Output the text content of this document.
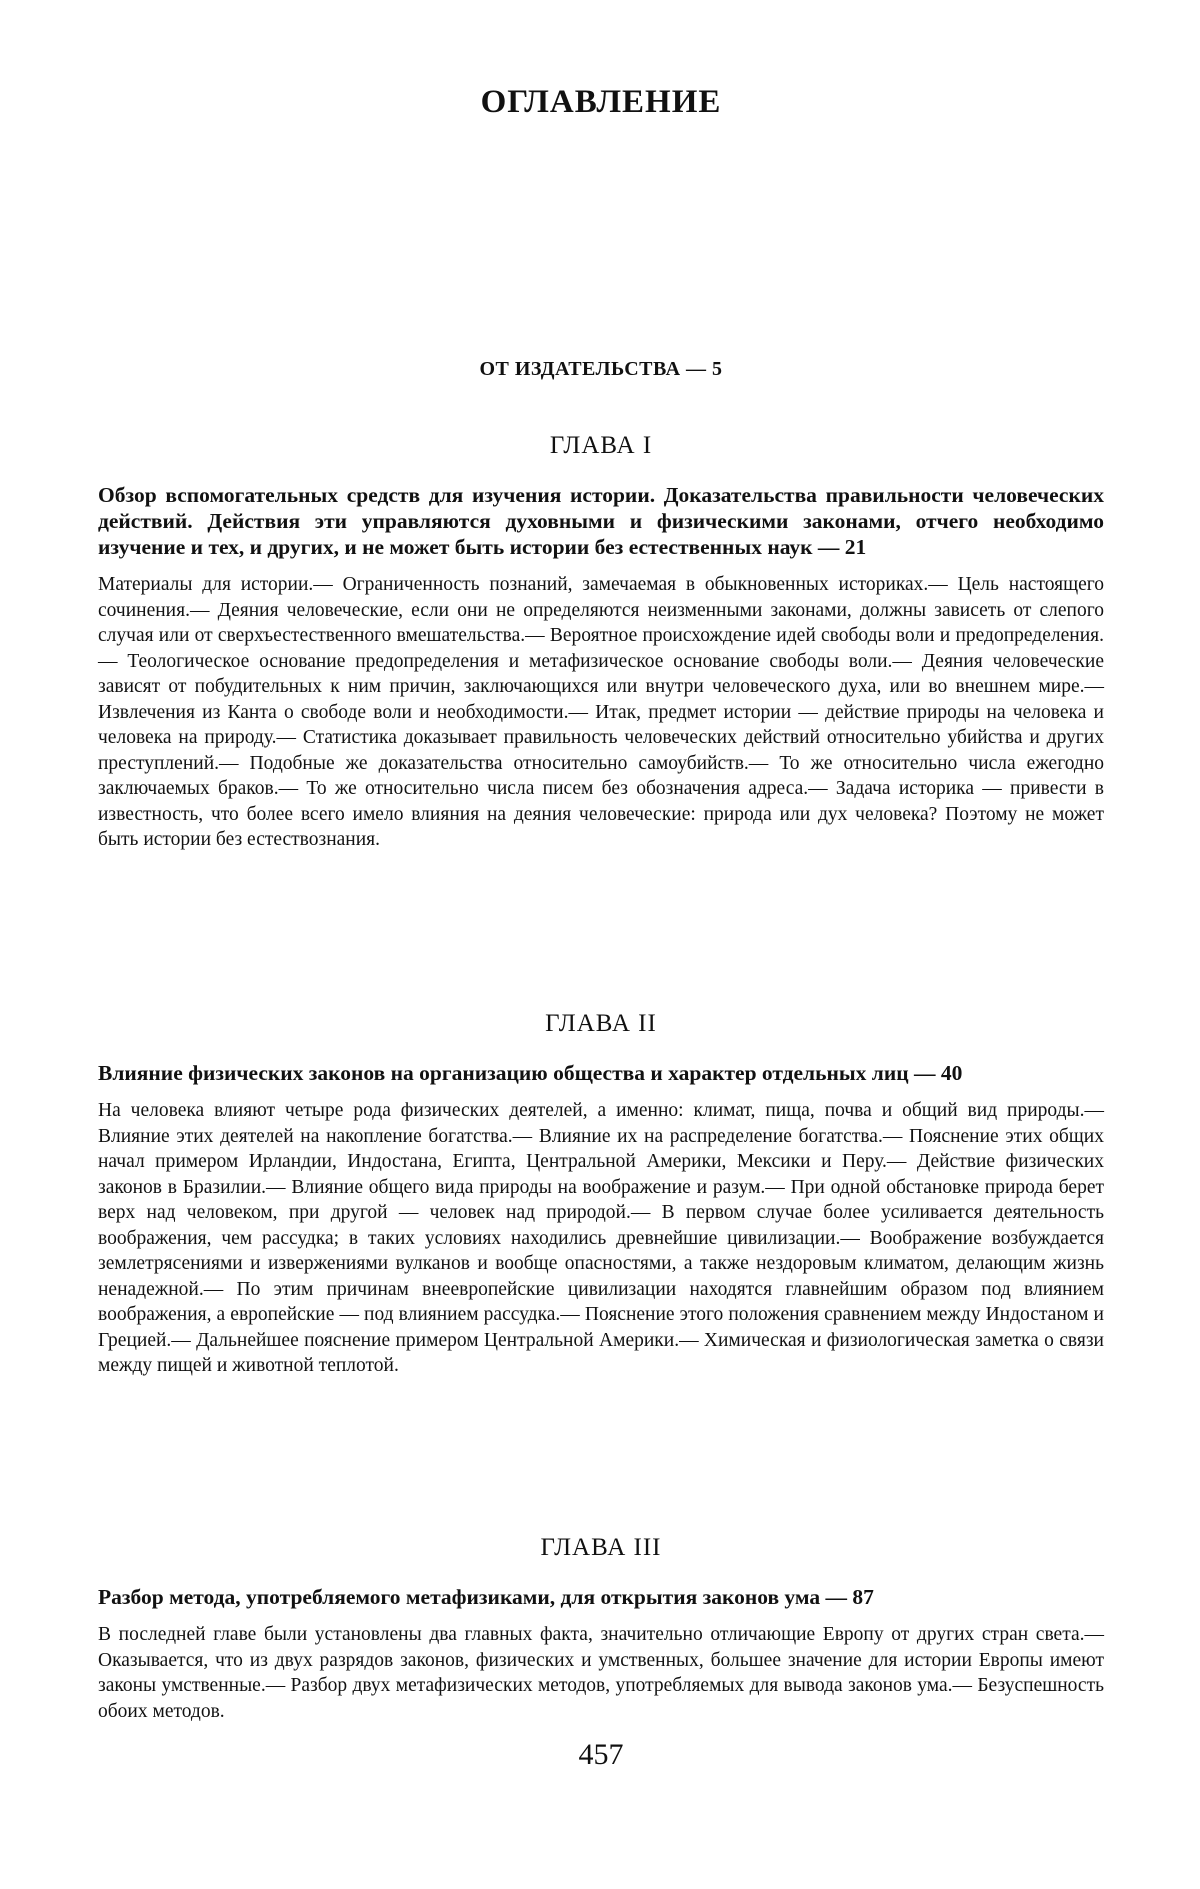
ОГЛАВЛЕНИЕ

ОТ ИЗДАТЕЛЬСТВА — 5

ГЛАВА I

Обзор вспомогательных средств для изучения истории. Доказательства правильности человеческих действий. Действия эти управляются духовными и физическими законами, отчего необходимо изучение и тех, и других, и не может быть истории без естественных наук — 21

Материалы для истории.— Ограниченность познаний, замечаемая в обыкновенных историках.— Цель настоящего сочинения.— Деяния человеческие, если они не определяются неизменными законами, должны зависеть от слепого случая или от сверхъестественного вмешательства.— Вероятное происхождение идей свободы воли и предопределения.— Теологическое основание предопределения и метафизическое основание свободы воли.— Деяния человеческие зависят от побудительных к ним причин, заключающихся или внутри человеческого духа, или во внешнем мире.— Извлечения из Канта о свободе воли и необходимости.— Итак, предмет истории — действие природы на человека и человека на природу.— Статистика доказывает правильность человеческих действий относительно убийства и других преступлений.— Подобные же доказательства относительно самоубийств.— То же относительно числа ежегодно заключаемых браков.— То же относительно числа писем без обозначения адреса.— Задача историка — привести в известность, что более всего имело влияния на деяния человеческие: природа или дух человека? Поэтому не может быть истории без естествознания.

ГЛАВА II

Влияние физических законов на организацию общества и характер отдельных лиц — 40

На человека влияют четыре рода физических деятелей, а именно: климат, пища, почва и общий вид природы.— Влияние этих деятелей на накопление богатства.— Влияние их на распределение богатства.— Пояснение этих общих начал примером Ирландии, Индостана, Египта, Центральной Америки, Мексики и Перу.— Действие физических законов в Бразилии.— Влияние общего вида природы на воображение и разум.— При одной обстановке природа берет верх над человеком, при другой — человек над природой.— В первом случае более усиливается деятельность воображения, чем рассудка; в таких условиях находились древнейшие цивилизации.— Воображение возбуждается землетрясениями и извержениями вулканов и вообще опасностями, а также нездоровым климатом, делающим жизнь ненадежной.— По этим причинам внеевропейские цивилизации находятся главнейшим образом под влиянием воображения, а европейские — под влиянием рассудка.— Пояснение этого положения сравнением между Индостаном и Грецией.— Дальнейшее пояснение примером Центральной Америки.— Химическая и физиологическая заметка о связи между пищей и животной теплотой.

ГЛАВА III

Разбор метода, употребляемого метафизиками, для открытия законов ума — 87

В последней главе были установлены два главных факта, значительно отличающие Европу от других стран света.— Оказывается, что из двух разрядов законов, физических и умственных, большее значение для истории Европы имеют законы умственные.— Разбор двух метафизических методов, употребляемых для вывода законов ума.— Безуспешность обоих методов.

457
